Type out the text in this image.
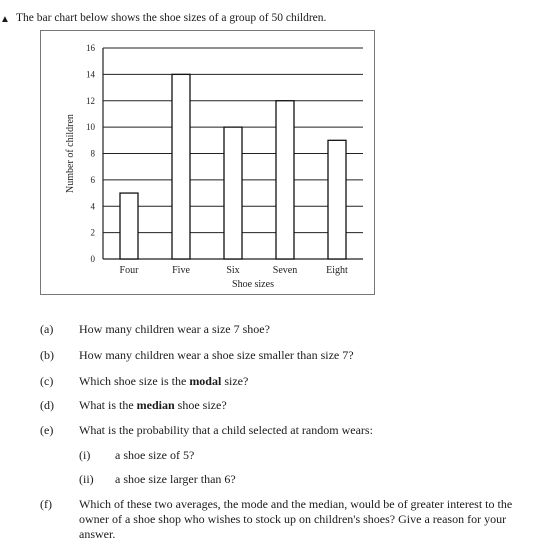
▲ The bar chart below shows the shoe sizes of a group of 50 children.
0
2
4
6
8
10
12
14
16
Four	Five	Six	Seven	Eight
Shoe sizes
Number of children
(a) How many children wear a size 7 shoe?
(b) How many children wear a shoe size smaller than size 7?
(c) Which shoe size is the modal size?
(d) What is the median shoe size?
(e) What is the probability that a child selected at random wears:
(i) a shoe size of 5?
(ii) a shoe size larger than 6?
(f) Which of these two averages, the mode and the median, would be of greater interest to the owner of a shoe shop who wishes to stock up on children's shoes? Give a reason for your answer.
